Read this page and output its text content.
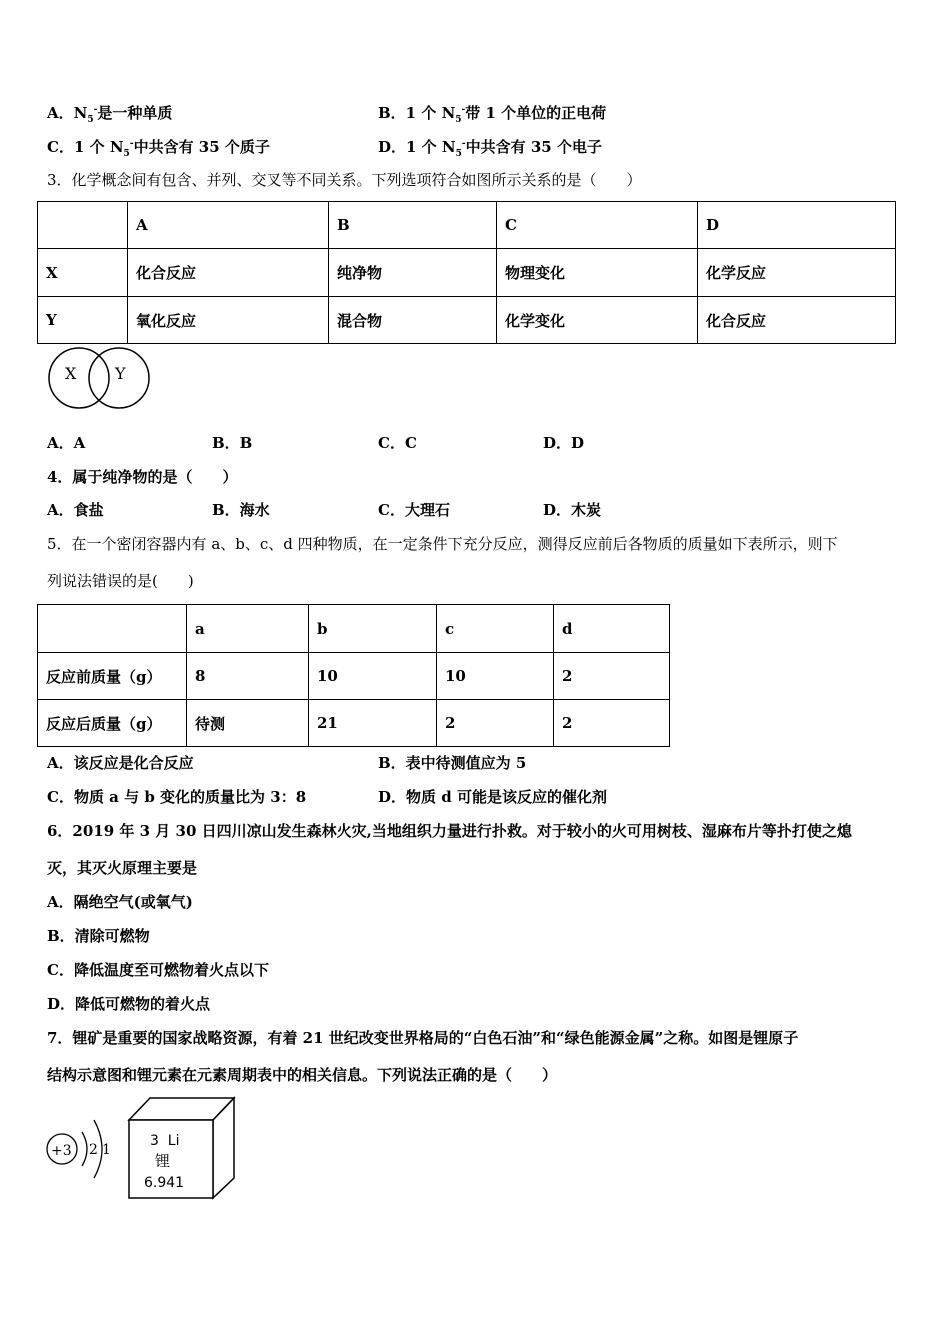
A．$N_5^-$是一种单质	B．1 个 $N_5^-$带 1 个单位的正电荷
C．1 个 $N_5^-$中共含有 35 个质子	D．1 个 $N_5^-$中共含有 35 个电子
3．化学概念间有包含、并列、交叉等不同关系。下列选项符合如图所示关系的是（　　）
	A	B	C	D
X	化合反应	纯净物	物理变化	化学反应
Y	氧化反应	混合物	化学变化	化合反应
X Y
A．A	B．B	C．C	D．D
4．属于纯净物的是（　　）
A．食盐	B．海水	C．大理石	D．木炭
5．在一个密闭容器内有 a、b、c、d 四种物质，在一定条件下充分反应，测得反应前后各物质的质量如下表所示，则下
列说法错误的是(　　)
	a	b	c	d
反应前质量（g）	8	10	10	2
反应后质量（g）	待测	21	2	2
A．该反应是化合反应	B．表中待测值应为 5
C．物质 a 与 b 变化的质量比为 3：8	D．物质 d 可能是该反应的催化剂
6．2019 年 3 月 30 日四川凉山发生森林火灾,当地组织力量进行扑救。对于较小的火可用树枝、湿麻布片等扑打使之熄
灭，其灭火原理主要是
A．隔绝空气(或氧气)
B．清除可燃物
C．降低温度至可燃物着火点以下
D．降低可燃物的着火点
7．锂矿是重要的国家战略资源，有着 21 世纪改变世界格局的“白色石油”和“绿色能源金属”之称。如图是锂原子
结构示意图和锂元素在元素周期表中的相关信息。下列说法正确的是（　　）
+3 2 1
3  Li
锂
6.941
